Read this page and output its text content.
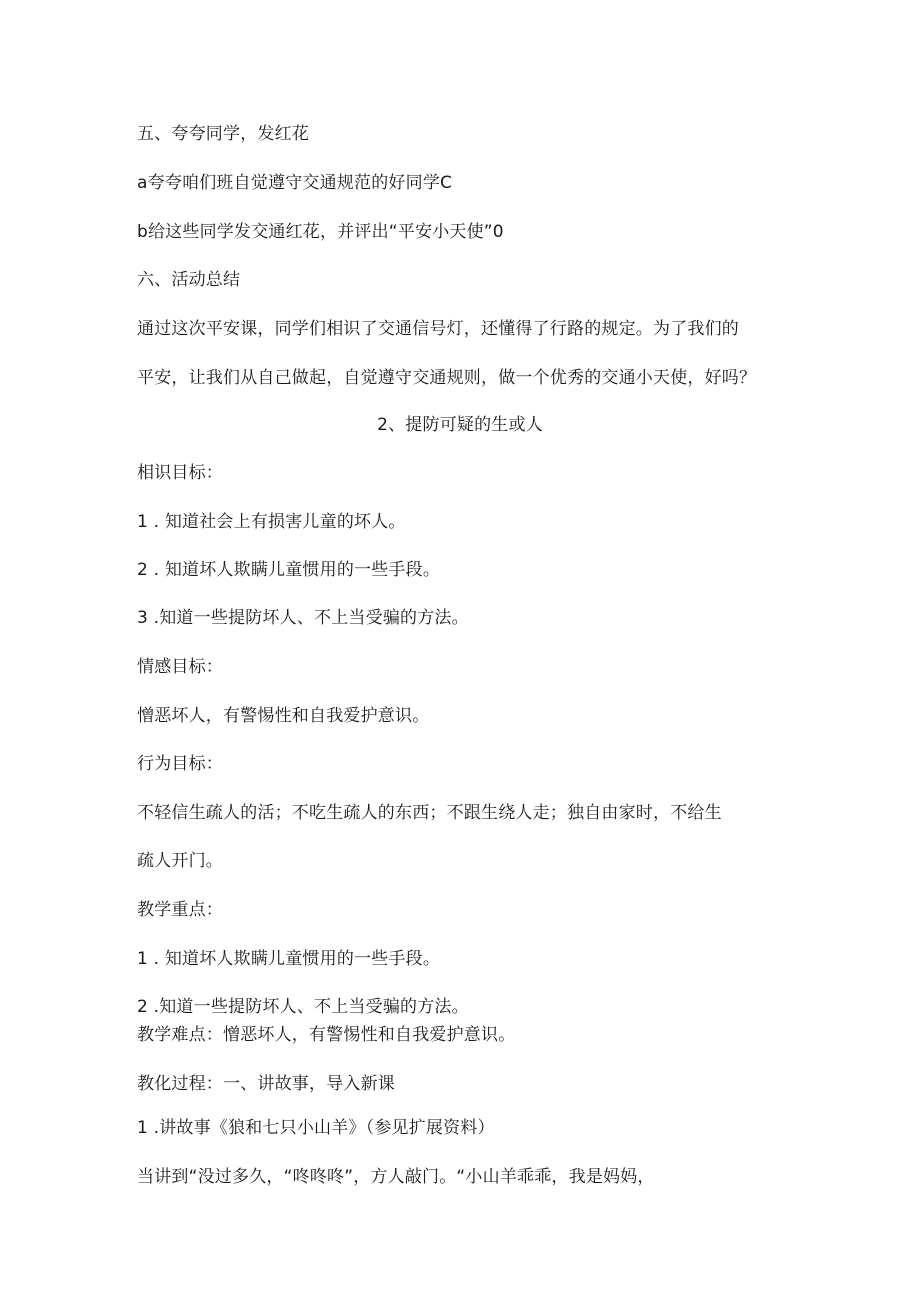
五、夸夸同学，发红花
a夸夸咱们班自觉遵守交通规范的好同学C
b给这些同学发交通红花，并评出“平安小天使”0
六、活动总结
通过这次平安课，同学们相识了交通信号灯，还懂得了行路的规定。为了我们的
平安，让我们从自己做起，自觉遵守交通规则，做一个优秀的交通小天使，好吗？
2、提防可疑的生或人
相识目标：
1 . 知道社会上有损害儿童的坏人。
2 . 知道坏人欺瞒儿童惯用的一些手段。
3 .知道一些提防坏人、不上当受骗的方法。
情感目标：
憎恶坏人，有警惕性和自我爱护意识。
行为目标：
不轻信生疏人的活；不吃生疏人的东西；不跟生绕人走；独自由家时，不给生
疏人开门。
教学重点：
1 . 知道坏人欺瞒儿童惯用的一些手段。
2 .知道一些提防坏人、不上当受骗的方法。
教学难点：憎恶坏人，有警惕性和自我爱护意识。
教化过程：一、讲故事，导入新课
1 .讲故事《狼和七只小山羊》（参见扩展资料）
当讲到“没过多久，“咚咚咚”，方人敲门。“小山羊乖乖，我是妈妈，
